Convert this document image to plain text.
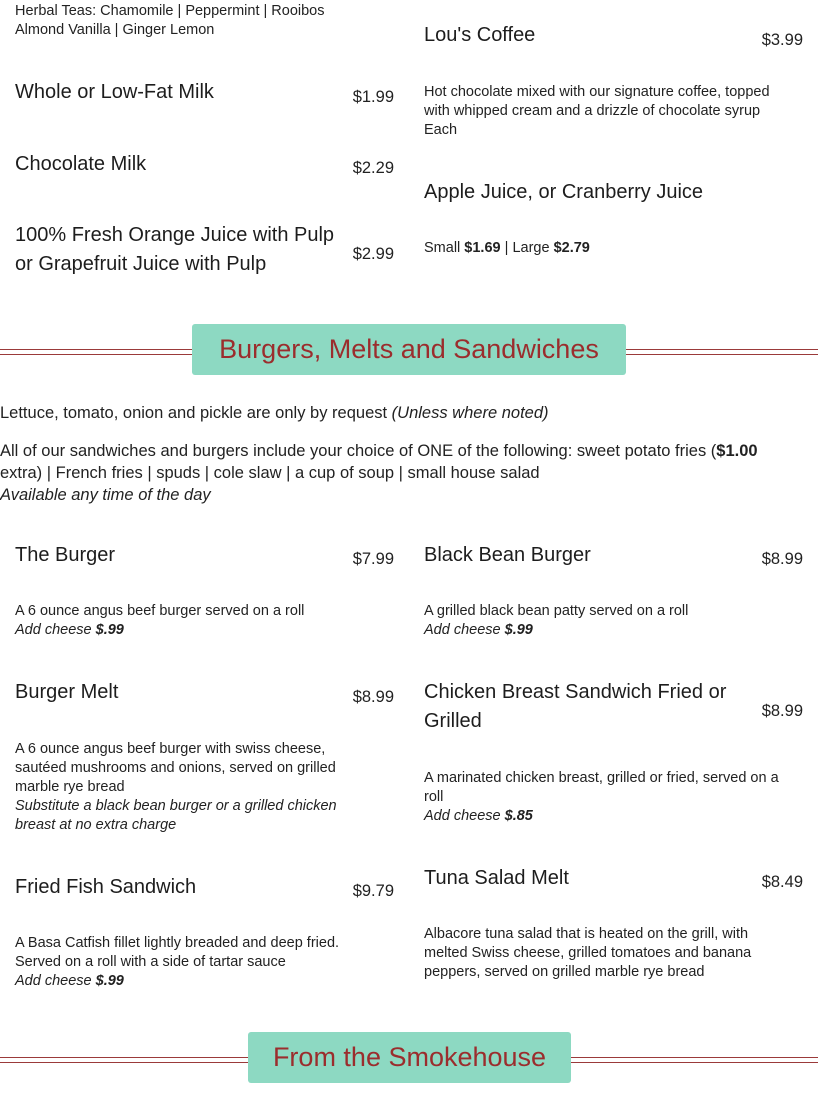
Herbal Teas: Chamomile | Peppermint | Rooibos
Almond Vanilla | Ginger Lemon
Whole or Low-Fat Milk	$1.99
Chocolate Milk	$2.29
100% Fresh Orange Juice with Pulp
or Grapefruit Juice with Pulp	$2.99
Lou's Coffee	$3.99
Hot chocolate mixed with our signature coffee, topped
with whipped cream and a drizzle of chocolate syrup
Each
Apple Juice, or Cranberry Juice
Small $1.69 | Large $2.79
Burgers, Melts and Sandwiches
Lettuce, tomato, onion and pickle are only by request (Unless where noted)
All of our sandwiches and burgers include your choice of ONE of the following: sweet potato fries ($1.00
extra) | French fries | spuds | cole slaw | a cup of soup | small house salad
Available any time of the day
The Burger	$7.99
A 6 ounce angus beef burger served on a roll
Add cheese $.99
Black Bean Burger	$8.99
A grilled black bean patty served on a roll
Add cheese $.99
Burger Melt	$8.99
A 6 ounce angus beef burger with swiss cheese,
sautéed mushrooms and onions, served on grilled
marble rye bread
Substitute a black bean burger or a grilled chicken
breast at no extra charge
Chicken Breast Sandwich Fried or
Grilled	$8.99
A marinated chicken breast, grilled or fried, served on a
roll
Add cheese $.85
Fried Fish Sandwich	$9.79
A Basa Catfish fillet lightly breaded and deep fried.
Served on a roll with a side of tartar sauce
Add cheese $.99
Tuna Salad Melt	$8.49
Albacore tuna salad that is heated on the grill, with
melted Swiss cheese, grilled tomatoes and banana
peppers, served on grilled marble rye bread
From the Smokehouse
